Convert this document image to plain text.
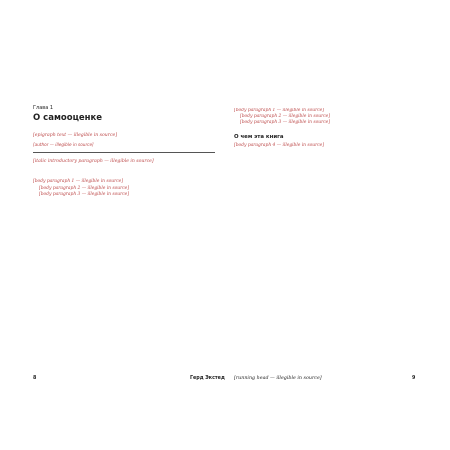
Глава 1
О самооценке
[epigraph text — illegible in source]
[author — illegible in source]
[italic introductory paragraph — illegible in source]

[body paragraph 1 — illegible in source]

[body paragraph 2 — illegible in source]

[body paragraph 3 — illegible in source]

[body paragraph 1 — illegible in source]

[body paragraph 2 — illegible in source]

[body paragraph 3 — illegible in source]

О чем эта книга

[body paragraph 4 — illegible in source]

8	Герд Экстед [running head — illegible in source]	9
